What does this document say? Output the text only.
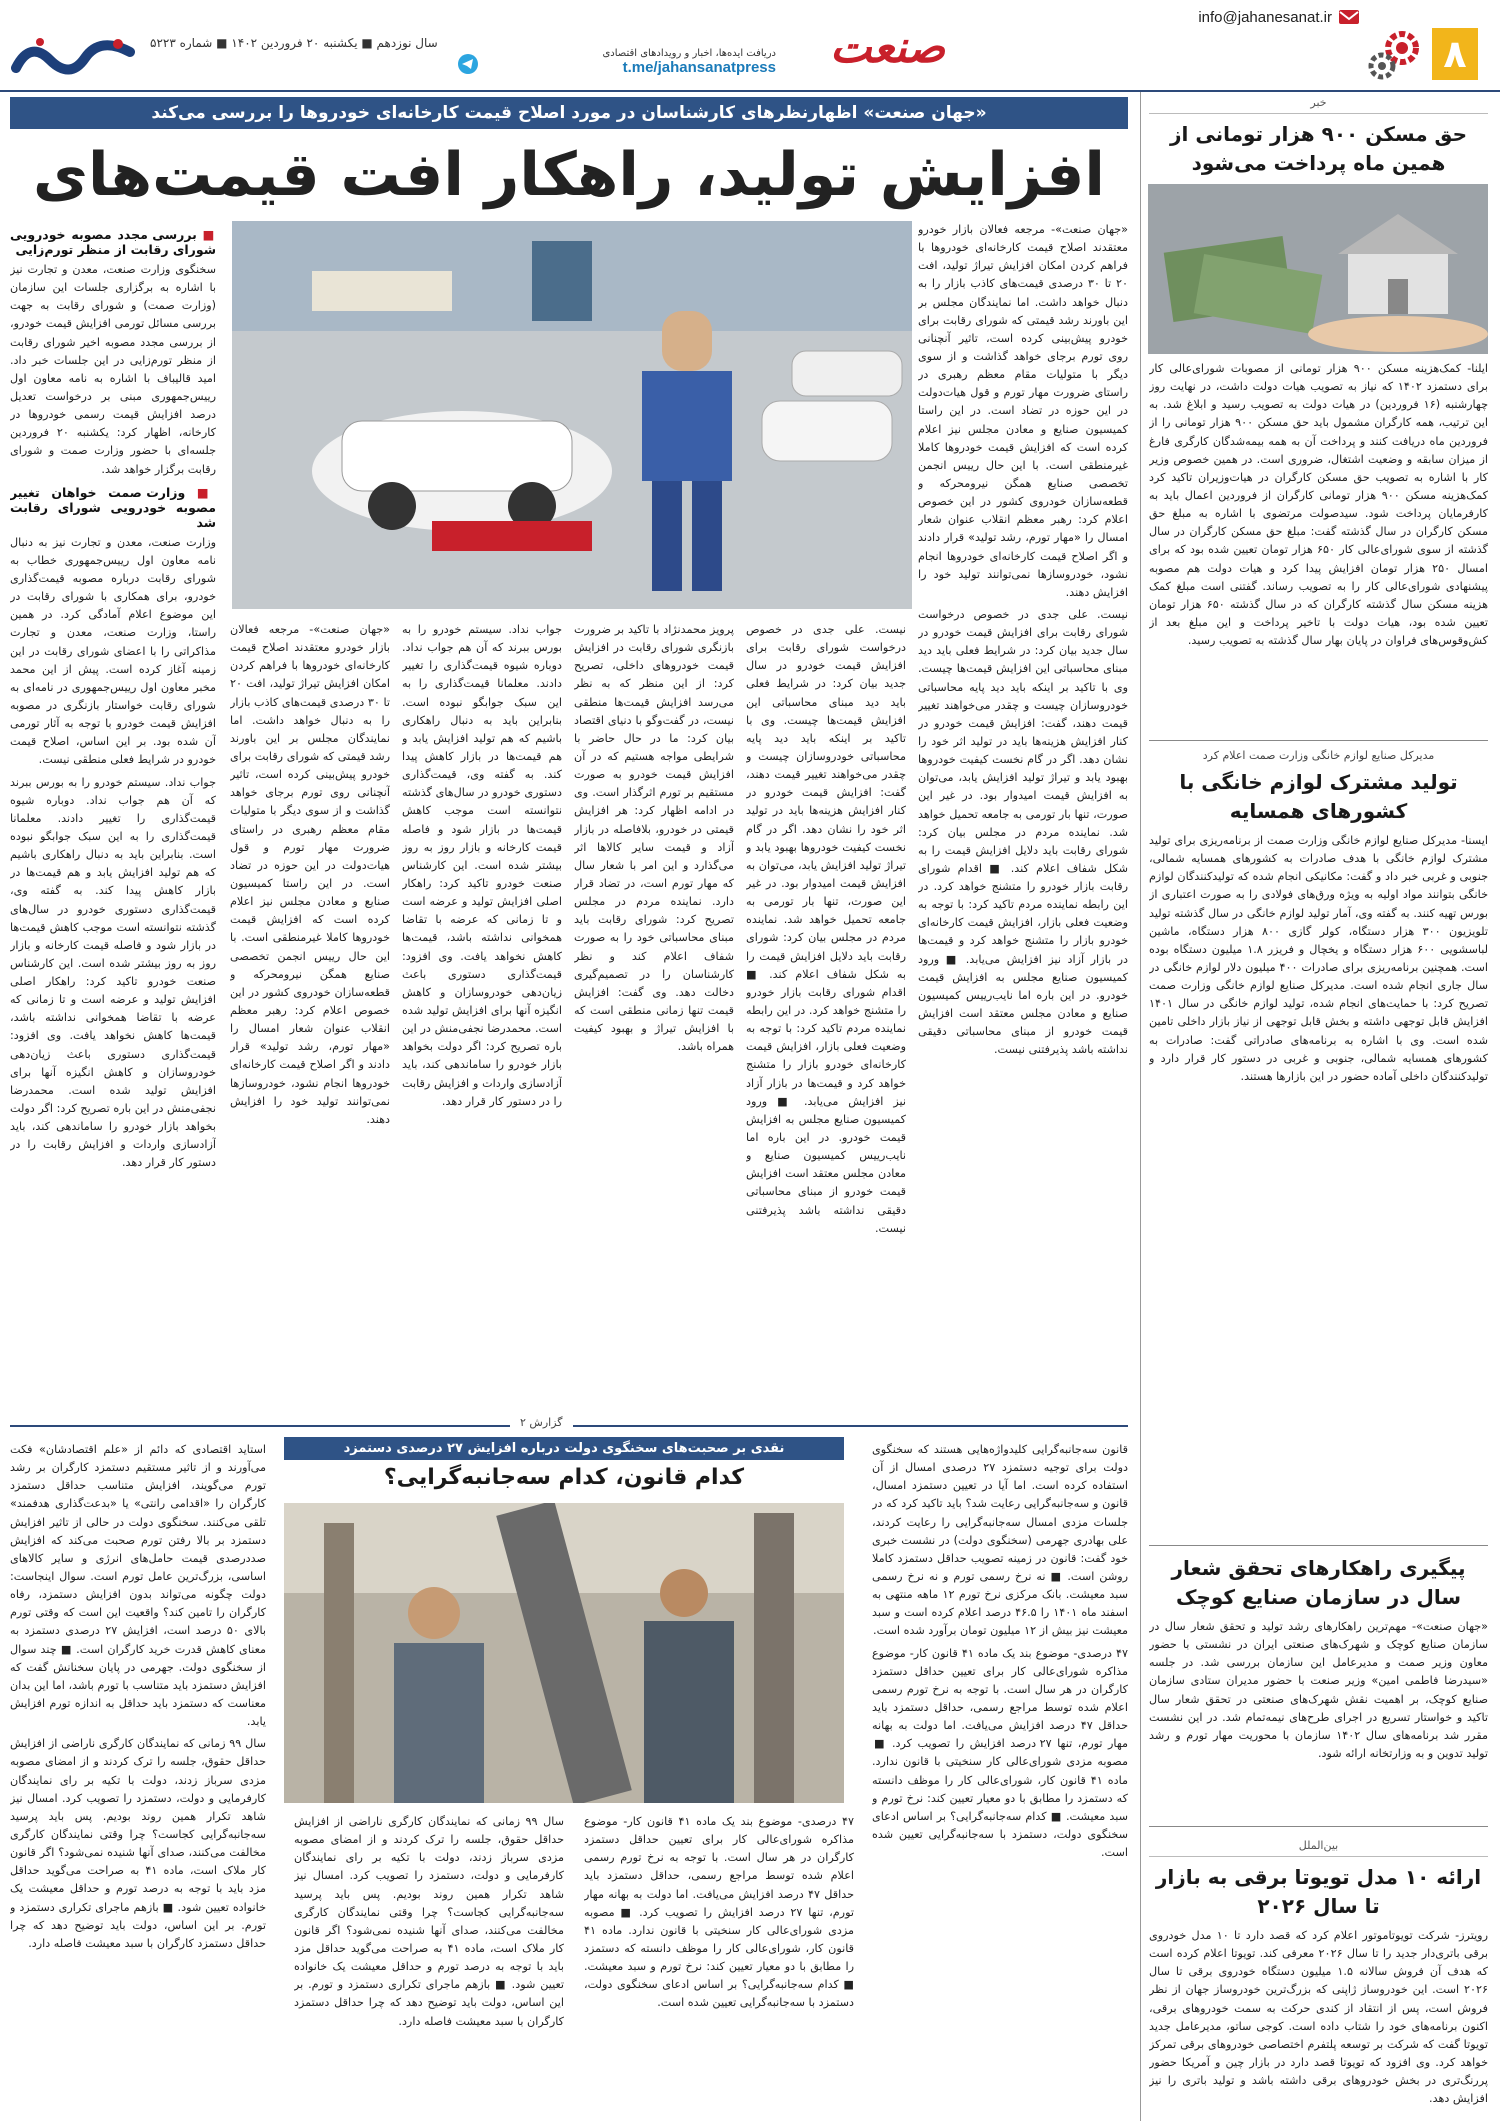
۸
info@jahanesanat.ir
صنعت
دریافت ایده‌ها، اخبار و رویدادهای اقتصادی
t.me/jahansanatpress
سال نوزدهم ■ یکشنبه ۲۰ فروردین ۱۴۰۲ ■ شماره ۵۲۲۳
خبر
حق مسکن ۹۰۰ هزار تومانی از همین ماه پرداخت می‌شود

ایلنا- کمک‌هزینه مسکن ۹۰۰ هزار تومانی از مصوبات شورای‌عالی کار برای دستمزد ۱۴۰۲ که نیاز به تصویب هیات دولت داشت، در نهایت روز چهارشنبه (۱۶ فروردین) در هیات دولت به تصویب رسید و ابلاغ شد. به این ترتیب، همه کارگران مشمول باید حق مسکن ۹۰۰ هزار تومانی را از فروردین ماه دریافت کنند و پرداخت آن به همه بیمه‌شدگان کارگری فارغ از میزان سابقه و وضعیت اشتغال، ضروری است. در همین خصوص وزیر کار با اشاره به تصویب حق مسکن کارگران در هیات‌وزیران تاکید کرد کمک‌هزینه مسکن ۹۰۰ هزار تومانی کارگران از فروردین اعمال باید به کارفرمایان پرداخت شود. سیدصولت مرتضوی با اشاره به مبلغ حق مسکن کارگران در سال گذشته گفت: مبلغ حق مسکن کارگران در سال گذشته از سوی شورای‌عالی کار ۶۵۰ هزار تومان تعیین شده بود که برای امسال ۲۵۰ هزار تومان افزایش پیدا کرد و هیات دولت هم مصوبه پیشنهادی شورای‌عالی کار را به تصویب رساند. گفتنی است مبلغ کمک هزینه مسکن سال گذشته کارگران که در سال گذشته ۶۵۰ هزار تومان تعیین شده بود، هیات دولت با تاخیر پرداخت و این مبلغ بعد از کش‌وقوس‌های فراوان در پایان بهار سال گذشته به تصویب رسید.

مدیرکل صنایع لوازم خانگی وزارت صمت اعلام کرد
تولید مشترک لوازم خانگی با کشورهای همسایه

ایسنا- مدیرکل صنایع لوازم خانگی وزارت صمت از برنامه‌ریزی برای تولید مشترک لوازم خانگی با هدف صادرات به کشورهای همسایه شمالی، جنوبی و غربی خبر داد و گفت: مکانیکی انجام شده که تولیدکنندگان لوازم خانگی بتوانند مواد اولیه به ویژه ورق‌های فولادی را به صورت اعتباری از بورس تهیه کنند. به گفته وی، آمار تولید لوازم خانگی در سال گذشته تولید تلویزیون ۳۰۰ هزار دستگاه، کولر گازی ۸۰۰ هزار دستگاه، ماشین لباسشویی ۶۰۰ هزار دستگاه و یخچال و فریزر ۱.۸ میلیون دستگاه بوده است. همچنین برنامه‌ریزی برای صادرات ۴۰۰ میلیون دلار لوازم خانگی در سال جاری انجام شده است. مدیرکل صنایع لوازم خانگی وزارت صمت تصریح کرد: با حمایت‌های انجام شده، تولید لوازم خانگی در سال ۱۴۰۱ افزایش قابل توجهی داشته و بخش قابل توجهی از نیاز بازار داخلی تامین شده است. وی با اشاره به برنامه‌های صادراتی گفت: صادرات به کشورهای همسایه شمالی، جنوبی و غربی در دستور کار قرار دارد و تولیدکنندگان داخلی آماده حضور در این بازارها هستند.

پیگیری راهکارهای تحقق شعار سال در سازمان صنایع کوچک

«جهان صنعت»- مهم‌ترین راهکارهای رشد تولید و تحقق شعار سال در سازمان صنایع کوچک و شهرک‌های صنعتی ایران در نشستی با حضور معاون وزیر صمت و مدیرعامل این سازمان بررسی شد. در جلسه «سیدرضا فاطمی امین» وزیر صنعت با حضور مدیران ستادی سازمان صنایع کوچک، بر اهمیت نقش شهرک‌های صنعتی در تحقق شعار سال تاکید و خواستار تسریع در اجرای طرح‌های نیمه‌تمام شد. در این نشست مقرر شد برنامه‌های سال ۱۴۰۲ سازمان با محوریت مهار تورم و رشد تولید تدوین و به وزارتخانه ارائه شود.

بین‌الملل
ارائه ۱۰ مدل تویوتا برقی به بازار تا سال ۲۰۲۶

رویترز- شرکت تویوتاموتور اعلام کرد که قصد دارد تا ۱۰ مدل خودروی برقی باتری‌دار جدید را تا سال ۲۰۲۶ معرفی کند. تویوتا اعلام کرده است که هدف آن فروش سالانه ۱.۵ میلیون دستگاه خودروی برقی تا سال ۲۰۲۶ است. این خودروساز ژاپنی که بزرگ‌ترین خودروساز جهان از نظر فروش است، پس از انتقاد از کندی حرکت به سمت خودروهای برقی، اکنون برنامه‌های خود را شتاب داده است. کوجی ساتو، مدیرعامل جدید تویوتا گفت که شرکت بر توسعه پلتفرم اختصاصی خودروهای برقی تمرکز خواهد کرد. وی افزود که تویوتا قصد دارد در بازار چین و آمریکا حضور پررنگ‌تری در بخش خودروهای برقی داشته باشد و تولید باتری را نیز افزایش دهد.

«جهان صنعت» اظهارنظرهای کارشناسان در مورد اصلاح قیمت کارخانه‌ای خودروها را بررسی می‌کند
افزایش تولید، راهکار افت قیمت‌های

«جهان صنعت»- مرجعه فعالان بازار خودرو معتقدند اصلاح قیمت کارخانه‌ای خودروها با فراهم کردن امکان افزایش تیراژ تولید، افت ۲۰ تا ۳۰ درصدی قیمت‌های کاذب بازار را به دنبال خواهد داشت. اما نمایندگان مجلس بر این باورند رشد قیمتی که شورای رقابت برای خودرو پیش‌بینی کرده است، تاثیر آنچنانی روی تورم برجای خواهد گذاشت و از سوی دیگر با متولیات مقام معظم رهبری در راستای ضرورت مهار تورم و قول هیات‌دولت در این حوزه در تضاد است. در این راستا کمیسیون صنایع و معادن مجلس نیز اعلام کرده است که افزایش قیمت خودروها کاملا غیرمنطقی است. با این حال رییس انجمن تخصصی صنایع همگن نیرومحرکه و قطعه‌سازان خودروی کشور در این خصوص اعلام کرد: رهبر معظم انقلاب عنوان شعار امسال را «مهار تورم، رشد تولید» قرار دادند و اگر اصلاح قیمت کارخانه‌ای خودروها انجام نشود، خودروسازها نمی‌توانند تولید خود را افزایش دهند.

نیست. علی جدی در خصوص درخواست شورای رقابت برای افزایش قیمت خودرو در سال جدید بیان کرد: در شرایط فعلی باید دید مبنای محاسباتی این افزایش قیمت‌ها چیست. وی با تاکید بر اینکه باید دید پایه محاسباتی خودروسازان چیست و چقدر می‌خواهند تغییر قیمت دهند، گفت: افزایش قیمت خودرو در کنار افزایش هزینه‌ها باید در تولید اثر خود را نشان دهد. اگر در گام نخست کیفیت خودروها بهبود یابد و تیراژ تولید افزایش یابد، می‌توان به افزایش قیمت امیدوار بود. در غیر این صورت، تنها بار تورمی به جامعه تحمیل خواهد شد. نماینده مردم در مجلس بیان کرد: شورای رقابت باید دلایل افزایش قیمت را به شکل شفاف اعلام کند. ■ اقدام شورای رقابت بازار خودرو را متشنج خواهد کرد. در این رابطه نماینده مردم تاکید کرد: با توجه به وضعیت فعلی بازار، افزایش قیمت کارخانه‌ای خودرو بازار را متشنج خواهد کرد و قیمت‌ها در بازار آزاد نیز افزایش می‌یابد. ■ ورود کمیسیون صنایع مجلس به افزایش قیمت خودرو. در این باره اما نایب‌رییس کمیسیون صنایع و معادن مجلس معتقد است افزایش قیمت خودرو از مبنای محاسباتی دقیقی نداشته باشد پذیرفتنی نیست.

نیست. علی جدی در خصوص درخواست شورای رقابت برای افزایش قیمت خودرو در سال جدید بیان کرد: در شرایط فعلی باید دید مبنای محاسباتی این افزایش قیمت‌ها چیست. وی با تاکید بر اینکه باید دید پایه محاسباتی خودروسازان چیست و چقدر می‌خواهند تغییر قیمت دهند، گفت: افزایش قیمت خودرو در کنار افزایش هزینه‌ها باید در تولید اثر خود را نشان دهد. اگر در گام نخست کیفیت خودروها بهبود یابد و تیراژ تولید افزایش یابد، می‌توان به افزایش قیمت امیدوار بود. در غیر این صورت، تنها بار تورمی به جامعه تحمیل خواهد شد. نماینده مردم در مجلس بیان کرد: شورای رقابت باید دلایل افزایش قیمت را به شکل شفاف اعلام کند. ■ اقدام شورای رقابت بازار خودرو را متشنج خواهد کرد. در این رابطه نماینده مردم تاکید کرد: با توجه به وضعیت فعلی بازار، افزایش قیمت کارخانه‌ای خودرو بازار را متشنج خواهد کرد و قیمت‌ها در بازار آزاد نیز افزایش می‌یابد. ■ ورود کمیسیون صنایع مجلس به افزایش قیمت خودرو. در این باره اما نایب‌رییس کمیسیون صنایع و معادن مجلس معتقد است افزایش قیمت خودرو از مبنای محاسباتی دقیقی نداشته باشد پذیرفتنی نیست.

پرویز محمدنژاد با تاکید بر ضرورت بازنگری شورای رقابت در افزایش قیمت خودروهای داخلی، تصریح کرد: از این منظر که به نظر می‌رسد افزایش قیمت‌ها منطقی نیست، در گفت‌وگو با دنیای اقتصاد بیان کرد: ما در حال حاضر با شرایطی مواجه هستیم که در آن افزایش قیمت خودرو به صورت مستقیم بر تورم اثرگذار است. وی در ادامه اظهار کرد: هر افزایش قیمتی در خودرو، بلافاصله در بازار آزاد و قیمت سایر کالاها اثر می‌گذارد و این امر با شعار سال که مهار تورم است، در تضاد قرار دارد. نماینده مردم در مجلس تصریح کرد: شورای رقابت باید مبنای محاسباتی خود را به صورت شفاف اعلام کند و نظر کارشناسان را در تصمیم‌گیری دخالت دهد. وی گفت: افزایش قیمت تنها زمانی منطقی است که با افزایش تیراژ و بهبود کیفیت همراه باشد.

جواب نداد. سیستم خودرو را به بورس ببرند که آن هم جواب نداد. دوباره شیوه قیمت‌گذاری را تغییر دادند. معلمانا قیمت‌گذاری را به این سبک جوابگو نبوده است. بنابراین باید به دنبال راهکاری باشیم که هم تولید افزایش یابد و هم قیمت‌ها در بازار کاهش پیدا کند. به گفته وی، قیمت‌گذاری دستوری خودرو در سال‌های گذشته نتوانسته است موجب کاهش قیمت‌ها در بازار شود و فاصله قیمت کارخانه و بازار روز به روز بیشتر شده است. این کارشناس صنعت خودرو تاکید کرد: راهکار اصلی افزایش تولید و عرضه است و تا زمانی که عرضه با تقاضا همخوانی نداشته باشد، قیمت‌ها کاهش نخواهد یافت. وی افزود: قیمت‌گذاری دستوری باعث زیان‌دهی خودروسازان و کاهش انگیزه آنها برای افزایش تولید شده است. محمدرضا نجفی‌منش در این باره تصریح کرد: اگر دولت بخواهد بازار خودرو را ساماندهی کند، باید آزادسازی واردات و افزایش رقابت را در دستور کار قرار دهد.

«جهان صنعت»- مرجعه فعالان بازار خودرو معتقدند اصلاح قیمت کارخانه‌ای خودروها با فراهم کردن امکان افزایش تیراژ تولید، افت ۲۰ تا ۳۰ درصدی قیمت‌های کاذب بازار را به دنبال خواهد داشت. اما نمایندگان مجلس بر این باورند رشد قیمتی که شورای رقابت برای خودرو پیش‌بینی کرده است، تاثیر آنچنانی روی تورم برجای خواهد گذاشت و از سوی دیگر با متولیات مقام معظم رهبری در راستای ضرورت مهار تورم و قول هیات‌دولت در این حوزه در تضاد است. در این راستا کمیسیون صنایع و معادن مجلس نیز اعلام کرده است که افزایش قیمت خودروها کاملا غیرمنطقی است. با این حال رییس انجمن تخصصی صنایع همگن نیرومحرکه و قطعه‌سازان خودروی کشور در این خصوص اعلام کرد: رهبر معظم انقلاب عنوان شعار امسال را «مهار تورم، رشد تولید» قرار دادند و اگر اصلاح قیمت کارخانه‌ای خودروها انجام نشود، خودروسازها نمی‌توانند تولید خود را افزایش دهند.

■ بررسی مجدد مصوبه خودرویی شورای رقابت از منظر تورم‌زایی

سخنگوی وزارت صنعت، معدن و تجارت نیز با اشاره به برگزاری جلسات این سازمان (وزارت صمت) و شورای رقابت به جهت بررسی مسائل تورمی افزایش قیمت خودرو، از بررسی مجدد مصوبه اخیر شورای رقابت از منظر تورم‌زایی در این جلسات خبر داد. امید قالیباف با اشاره به نامه معاون اول رییس‌جمهوری مبنی بر درخواست تعدیل درصد افزایش قیمت رسمی خودروها در کارخانه، اظهار کرد: یکشنبه ۲۰ فروردین جلسه‌ای با حضور وزارت صمت و شورای رقابت برگزار خواهد شد.

■ وزارت صمت خواهان تغییر مصوبه خودرویی شورای رقابت شد

وزارت صنعت، معدن و تجارت نیز به دنبال نامه معاون اول رییس‌جمهوری خطاب به شورای رقابت درباره مصوبه قیمت‌گذاری خودرو، برای همکاری با شورای رقابت در این موضوع اعلام آمادگی کرد. در همین راستا، وزارت صنعت، معدن و تجارت مذاکراتی را با اعضای شورای رقابت در این زمینه آغاز کرده است. پیش از این محمد مخبر معاون اول رییس‌جمهوری در نامه‌ای به شورای رقابت خواستار بازنگری در مصوبه افزایش قیمت خودرو با توجه به آثار تورمی آن شده بود. بر این اساس، اصلاح قیمت خودرو در شرایط فعلی منطقی نیست.

جواب نداد. سیستم خودرو را به بورس ببرند که آن هم جواب نداد. دوباره شیوه قیمت‌گذاری را تغییر دادند. معلمانا قیمت‌گذاری را به این سبک جوابگو نبوده است. بنابراین باید به دنبال راهکاری باشیم که هم تولید افزایش یابد و هم قیمت‌ها در بازار کاهش پیدا کند. به گفته وی، قیمت‌گذاری دستوری خودرو در سال‌های گذشته نتوانسته است موجب کاهش قیمت‌ها در بازار شود و فاصله قیمت کارخانه و بازار روز به روز بیشتر شده است. این کارشناس صنعت خودرو تاکید کرد: راهکار اصلی افزایش تولید و عرضه است و تا زمانی که عرضه با تقاضا همخوانی نداشته باشد، قیمت‌ها کاهش نخواهد یافت. وی افزود: قیمت‌گذاری دستوری باعث زیان‌دهی خودروسازان و کاهش انگیزه آنها برای افزایش تولید شده است. محمدرضا نجفی‌منش در این باره تصریح کرد: اگر دولت بخواهد بازار خودرو را ساماندهی کند، باید آزادسازی واردات و افزایش رقابت را در دستور کار قرار دهد.

گزارش ۲

قانون سه‌جانبه‌گرایی کلیدواژه‌هایی هستند که سخنگوی دولت برای توجیه دستمزد ۲۷ درصدی امسال از آن استفاده کرده است. اما آیا در تعیین دستمزد امسال، قانون و سه‌جانبه‌گرایی رعایت شد؟ باید تاکید کرد که در جلسات مزدی امسال سه‌جانبه‌گرایی را رعایت کردند، علی بهادری جهرمی (سخنگوی دولت) در نشست خبری خود گفت: قانون در زمینه تصویب حداقل دستمزد کاملا روشن است. ■ نه نرخ رسمی تورم و نه نرخ رسمی سبد معیشت. بانک مرکزی نرخ تورم ۱۲ ماهه منتهی به اسفند ماه ۱۴۰۱ را ۴۶.۵ درصد اعلام کرده است و سبد معیشت نیز بیش از ۱۲ میلیون تومان برآورد شده است.

۴۷ درصدی- موضوع بند یک ماده ۴۱ قانون کار- موضوع مذاکره شورای‌عالی کار برای تعیین حداقل دستمزد کارگران در هر سال است. با توجه به نرخ تورم رسمی اعلام شده توسط مراجع رسمی، حداقل دستمزد باید حداقل ۴۷ درصد افزایش می‌یافت. اما دولت به بهانه مهار تورم، تنها ۲۷ درصد افزایش را تصویب کرد. ■ مصوبه مزدی شورای‌عالی کار سنخیتی با قانون ندارد. ماده ۴۱ قانون کار، شورای‌عالی کار را موظف دانسته که دستمزد را مطابق با دو معیار تعیین کند: نرخ تورم و سبد معیشت. ■ کدام سه‌جانبه‌گرایی؟ بر اساس ادعای سخنگوی دولت، دستمزد با سه‌جانبه‌گرایی تعیین شده است.

نقدی بر صحبت‌های سخنگوی دولت درباره افزایش ۲۷ درصدی دستمزد
کدام قانون، کدام سه‌جانبه‌گرایی؟

۴۷ درصدی- موضوع بند یک ماده ۴۱ قانون کار- موضوع مذاکره شورای‌عالی کار برای تعیین حداقل دستمزد کارگران در هر سال است. با توجه به نرخ تورم رسمی اعلام شده توسط مراجع رسمی، حداقل دستمزد باید حداقل ۴۷ درصد افزایش می‌یافت. اما دولت به بهانه مهار تورم، تنها ۲۷ درصد افزایش را تصویب کرد. ■ مصوبه مزدی شورای‌عالی کار سنخیتی با قانون ندارد. ماده ۴۱ قانون کار، شورای‌عالی کار را موظف دانسته که دستمزد را مطابق با دو معیار تعیین کند: نرخ تورم و سبد معیشت. ■ کدام سه‌جانبه‌گرایی؟ بر اساس ادعای سخنگوی دولت، دستمزد با سه‌جانبه‌گرایی تعیین شده است.

سال ۹۹ زمانی که نمایندگان کارگری ناراضی از افزایش حداقل حقوق، جلسه را ترک کردند و از امضای مصوبه مزدی سرباز زدند، دولت با تکیه بر رای نمایندگان کارفرمایی و دولت، دستمزد را تصویب کرد. امسال نیز شاهد تکرار همین روند بودیم. پس باید پرسید سه‌جانبه‌گرایی کجاست؟ چرا وقتی نمایندگان کارگری مخالفت می‌کنند، صدای آنها شنیده نمی‌شود؟ اگر قانون کار ملاک است، ماده ۴۱ به صراحت می‌گوید حداقل مزد باید با توجه به درصد تورم و حداقل معیشت یک خانواده تعیین شود. ■ بازهم ماجرای تکراری دستمزد و تورم. بر این اساس، دولت باید توضیح دهد که چرا حداقل دستمزد کارگران با سبد معیشت فاصله دارد.

استاید اقتصادی که دائم از «علم اقتصادشان» فکت می‌آورند و از تاثیر مستقیم دستمزد کارگران بر رشد تورم می‌گویند، افزایش متناسب حداقل دستمزد کارگران را «اقدامی رانتی» یا «بدعت‌گذاری هدفمند» تلقی می‌کنند. سخنگوی دولت در حالی از تاثیر افزایش دستمزد بر بالا رفتن تورم صحبت می‌کند که افزایش صددرصدی قیمت حامل‌های انرژی و سایر کالاهای اساسی، بزرگ‌ترین عامل تورم است. سوال اینجاست: دولت چگونه می‌تواند بدون افزایش دستمزد، رفاه کارگران را تامین کند؟ واقعیت این است که وقتی تورم بالای ۵۰ درصد است، افزایش ۲۷ درصدی دستمزد به معنای کاهش قدرت خرید کارگران است. ■ چند سوال از سخنگوی دولت. جهرمی در پایان سخنانش گفت که افزایش دستمزد باید متناسب با تورم باشد، اما این بدان معناست که دستمزد باید حداقل به اندازه تورم افزایش یابد.

سال ۹۹ زمانی که نمایندگان کارگری ناراضی از افزایش حداقل حقوق، جلسه را ترک کردند و از امضای مصوبه مزدی سرباز زدند، دولت با تکیه بر رای نمایندگان کارفرمایی و دولت، دستمزد را تصویب کرد. امسال نیز شاهد تکرار همین روند بودیم. پس باید پرسید سه‌جانبه‌گرایی کجاست؟ چرا وقتی نمایندگان کارگری مخالفت می‌کنند، صدای آنها شنیده نمی‌شود؟ اگر قانون کار ملاک است، ماده ۴۱ به صراحت می‌گوید حداقل مزد باید با توجه به درصد تورم و حداقل معیشت یک خانواده تعیین شود. ■ بازهم ماجرای تکراری دستمزد و تورم. بر این اساس، دولت باید توضیح دهد که چرا حداقل دستمزد کارگران با سبد معیشت فاصله دارد.
